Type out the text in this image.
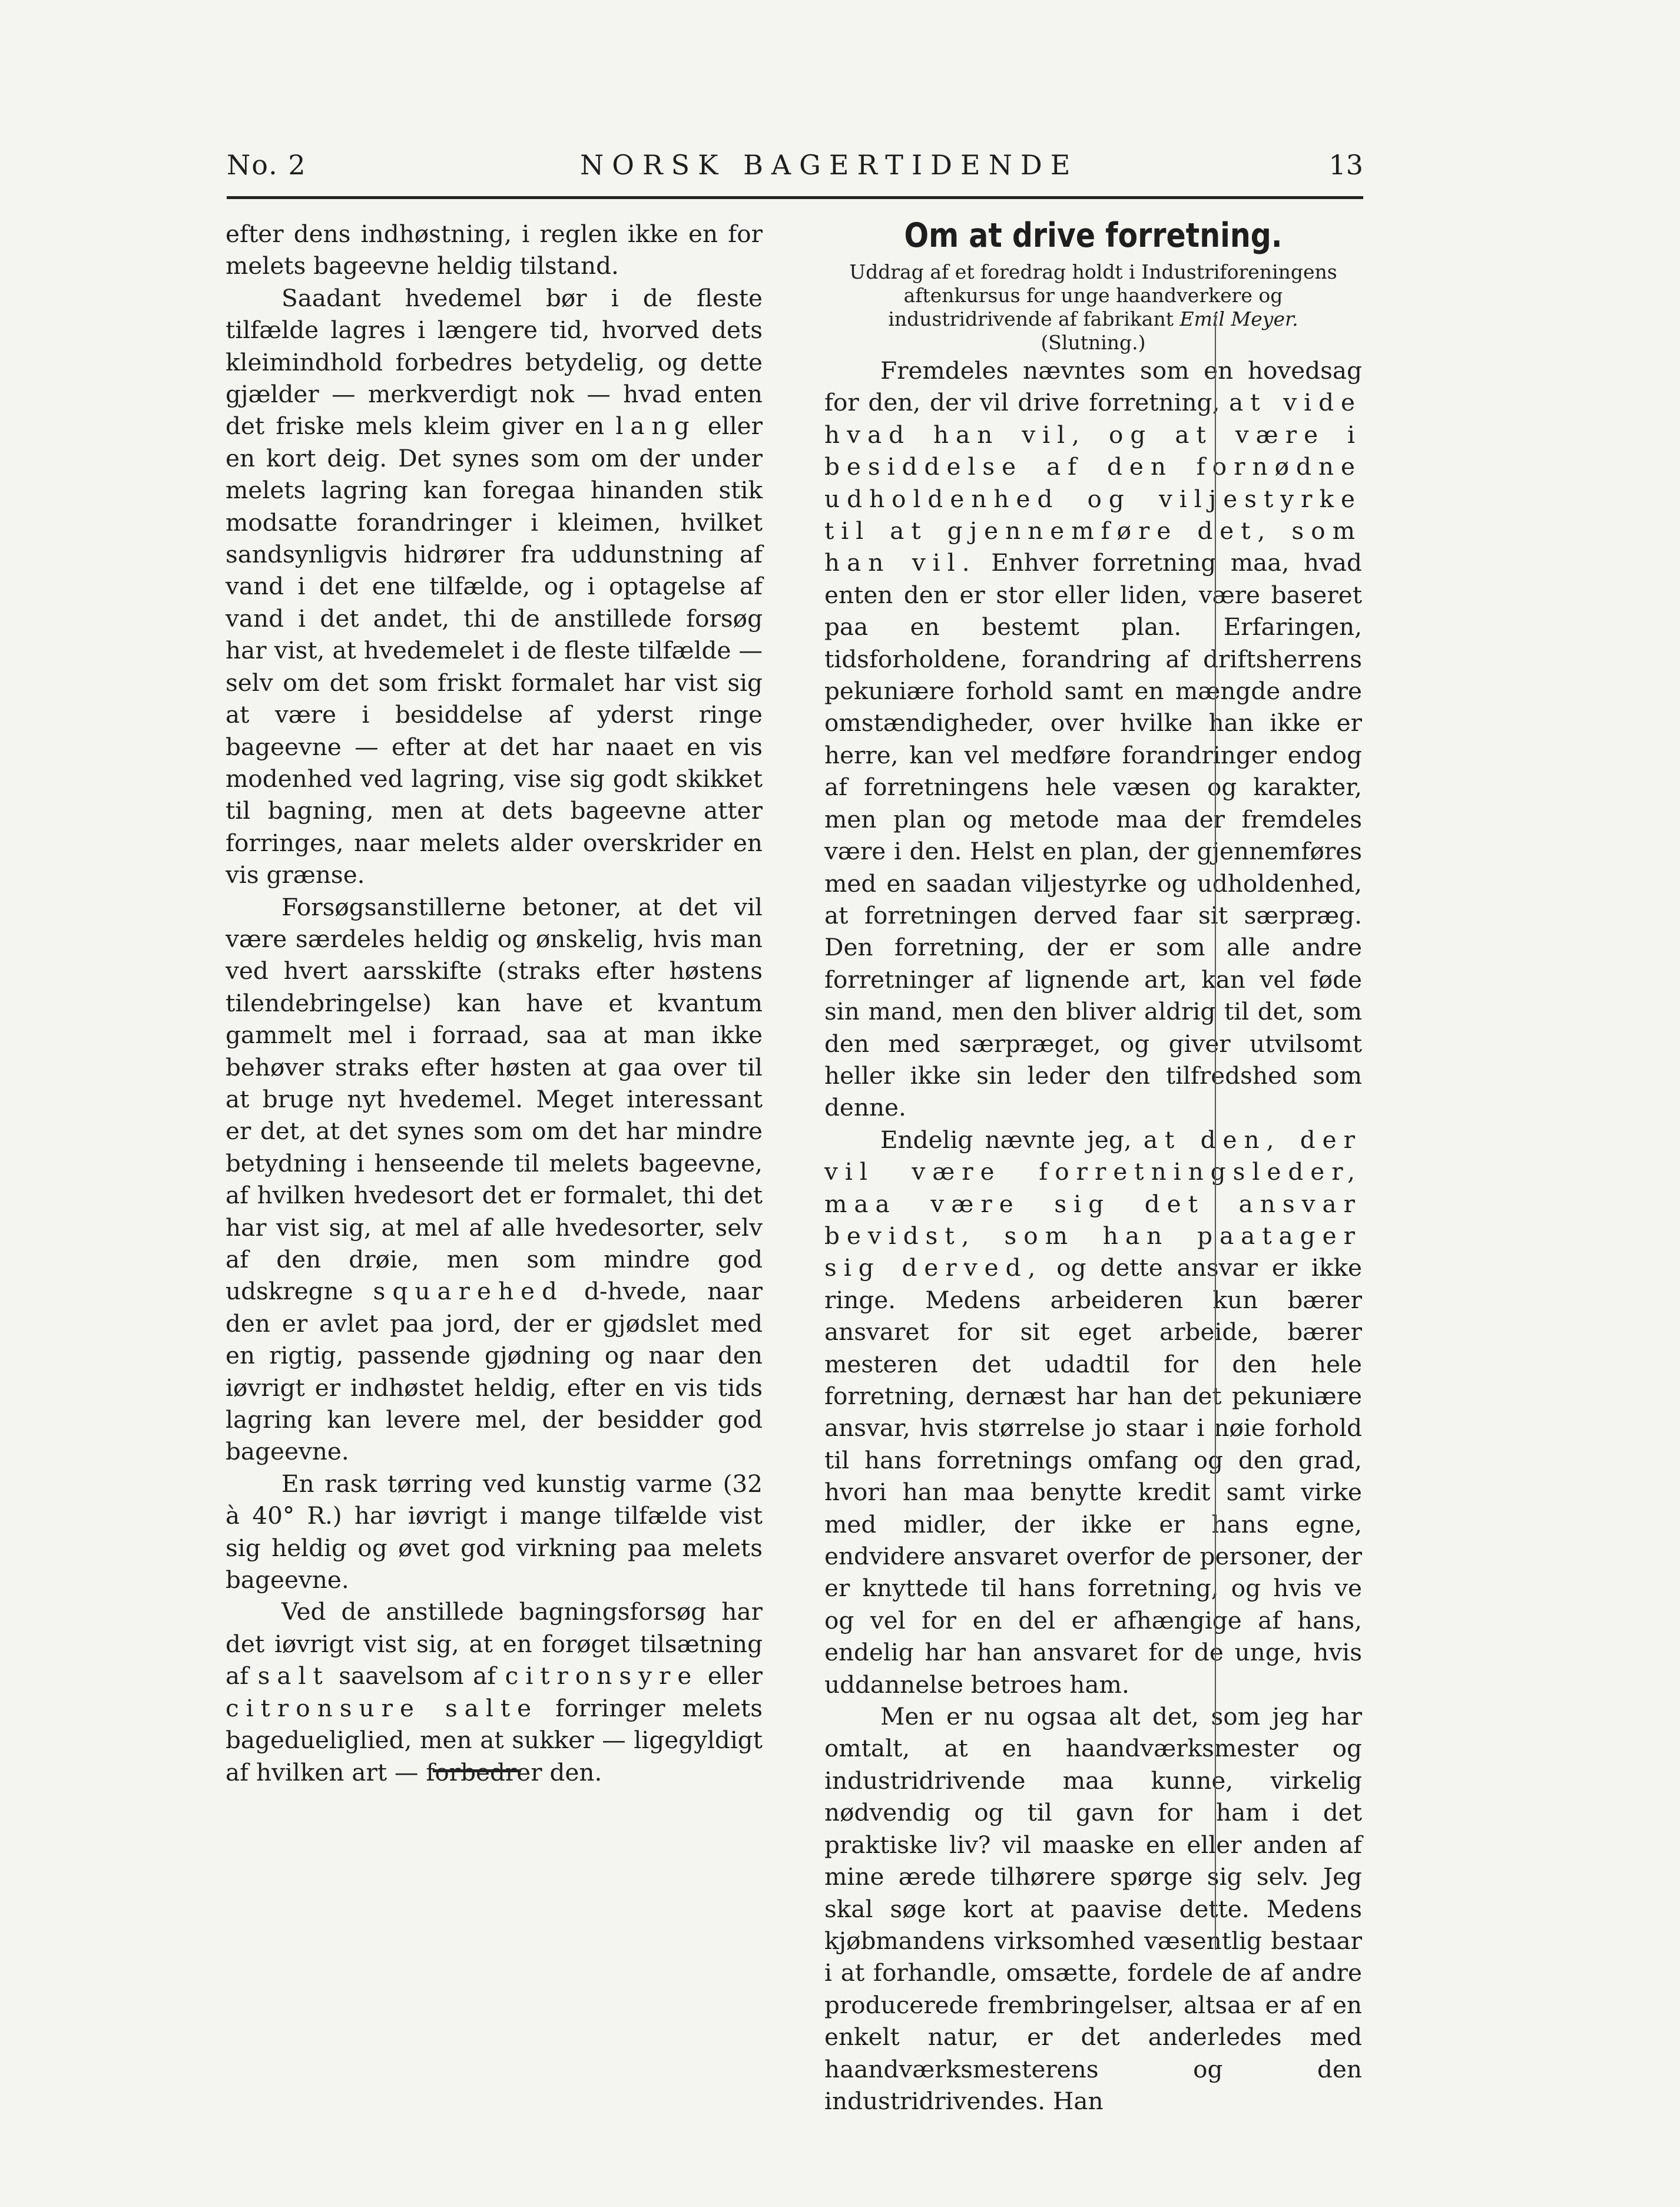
No. 2	NORSK BAGERTIDENDE	13

efter dens indhøstning, i reglen ikke en for melets bageevne heldig tilstand.

Saadant hvedemel bør i de fleste tilfælde lagres i længere tid, hvorved dets kleimindhold forbedres betydelig, og dette gjælder — merkverdigt nok — hvad enten det friske mels kleim giver en lang eller en kort deig. Det synes som om der under melets lagring kan foregaa hinanden stik modsatte forandringer i kleimen, hvilket sandsynligvis hidrører fra uddunstning af vand i det ene tilfælde, og i optagelse af vand i det andet, thi de anstillede forsøg har vist, at hvedemelet i de fleste tilfælde — selv om det som friskt formalet har vist sig at være i besiddelse af yderst ringe bageevne — efter at det har naaet en vis modenhed ved lagring, vise sig godt skikket til bagning, men at dets bageevne atter forringes, naar melets alder overskrider en vis grænse.

Forsøgsanstillerne betoner, at det vil være særdeles heldig og ønskelig, hvis man ved hvert aarsskifte (straks efter høstens tilendebringelse) kan have et kvantum gammelt mel i forraad, saa at man ikke behøver straks efter høsten at gaa over til at bruge nyt hvedemel. Meget interessant er det, at det synes som om det har mindre betydning i henseende til melets bageevne, af hvilken hvedesort det er formalet, thi det har vist sig, at mel af alle hvedesorter, selv af den drøie, men som mindre god udskregne squarehed d-hvede, naar den er avlet paa jord, der er gjødslet med en rigtig, passende gjødning og naar den iøvrigt er indhøstet heldig, efter en vis tids lagring kan levere mel, der besidder god bageevne.

En rask tørring ved kunstig varme (32 à 40° R.) har iøvrigt i mange tilfælde vist sig heldig og øvet god virkning paa melets bageevne.

Ved de anstillede bagningsforsøg har det iøvrigt vist sig, at en forøget tilsætning af salt saavelsom af citronsyre eller citronsure salte forringer melets bagedueliglied, men at sukker — ligegyldigt af hvilken art — forbedrer den.

Om at drive forretning.

Uddrag af et foredrag holdt i Industriforeningens aftenkursus for unge haandverkere og industridrivende af fabrikant Emil Meyer.

(Slutning.)

Fremdeles nævntes som en hovedsag for den, der vil drive forretning, at vide hvad han vil, og at være i besiddelse af den fornødne udholdenhed og viljestyrke til at gjennemføre det, som han vil. Enhver forretning maa, hvad enten den er stor eller liden, være baseret paa en bestemt plan. Erfaringen, tidsforholdene, forandring af driftsherrens pekuniære forhold samt en mængde andre omstændigheder, over hvilke han ikke er herre, kan vel medføre forandringer endog af forretningens hele væsen og karakter, men plan og metode maa der fremdeles være i den. Helst en plan, der gjennemføres med en saadan viljestyrke og udholdenhed, at forretningen derved faar sit særpræg. Den forretning, der er som alle andre forretninger af lignende art, kan vel føde sin mand, men den bliver aldrig til det, som den med særpræget, og giver utvilsomt heller ikke sin leder den tilfredshed som denne.

Endelig nævnte jeg, at den, der vil være forretningsleder, maa være sig det ansvar bevidst, som han paatager sig derved, og dette ansvar er ikke ringe. Medens arbeideren kun bærer ansvaret for sit eget arbeide, bærer mesteren det udadtil for den hele forretning, dernæst har han det pekuniære ansvar, hvis størrelse jo staar i nøie forhold til hans forretnings omfang og den grad, hvori han maa benytte kredit samt virke med midler, der ikke er hans egne, endvidere ansvaret overfor de personer, der er knyttede til hans forretning, og hvis ve og vel for en del er afhængige af hans, endelig har han ansvaret for de unge, hvis uddannelse betroes ham.

Men er nu ogsaa alt det, som jeg har omtalt, at en haandværksmester og industridrivende maa kunne, virkelig nødvendig og til gavn for ham i det praktiske liv? vil maaske en eller anden af mine ærede tilhørere spørge sig selv. Jeg skal søge kort at paavise dette. Medens kjøbmandens virksomhed væsentlig bestaar i at forhandle, omsætte, fordele de af andre producerede frembringelser, altsaa er af en enkelt natur, er det anderledes med haandværksmesterens og den industridrivendes. Han
